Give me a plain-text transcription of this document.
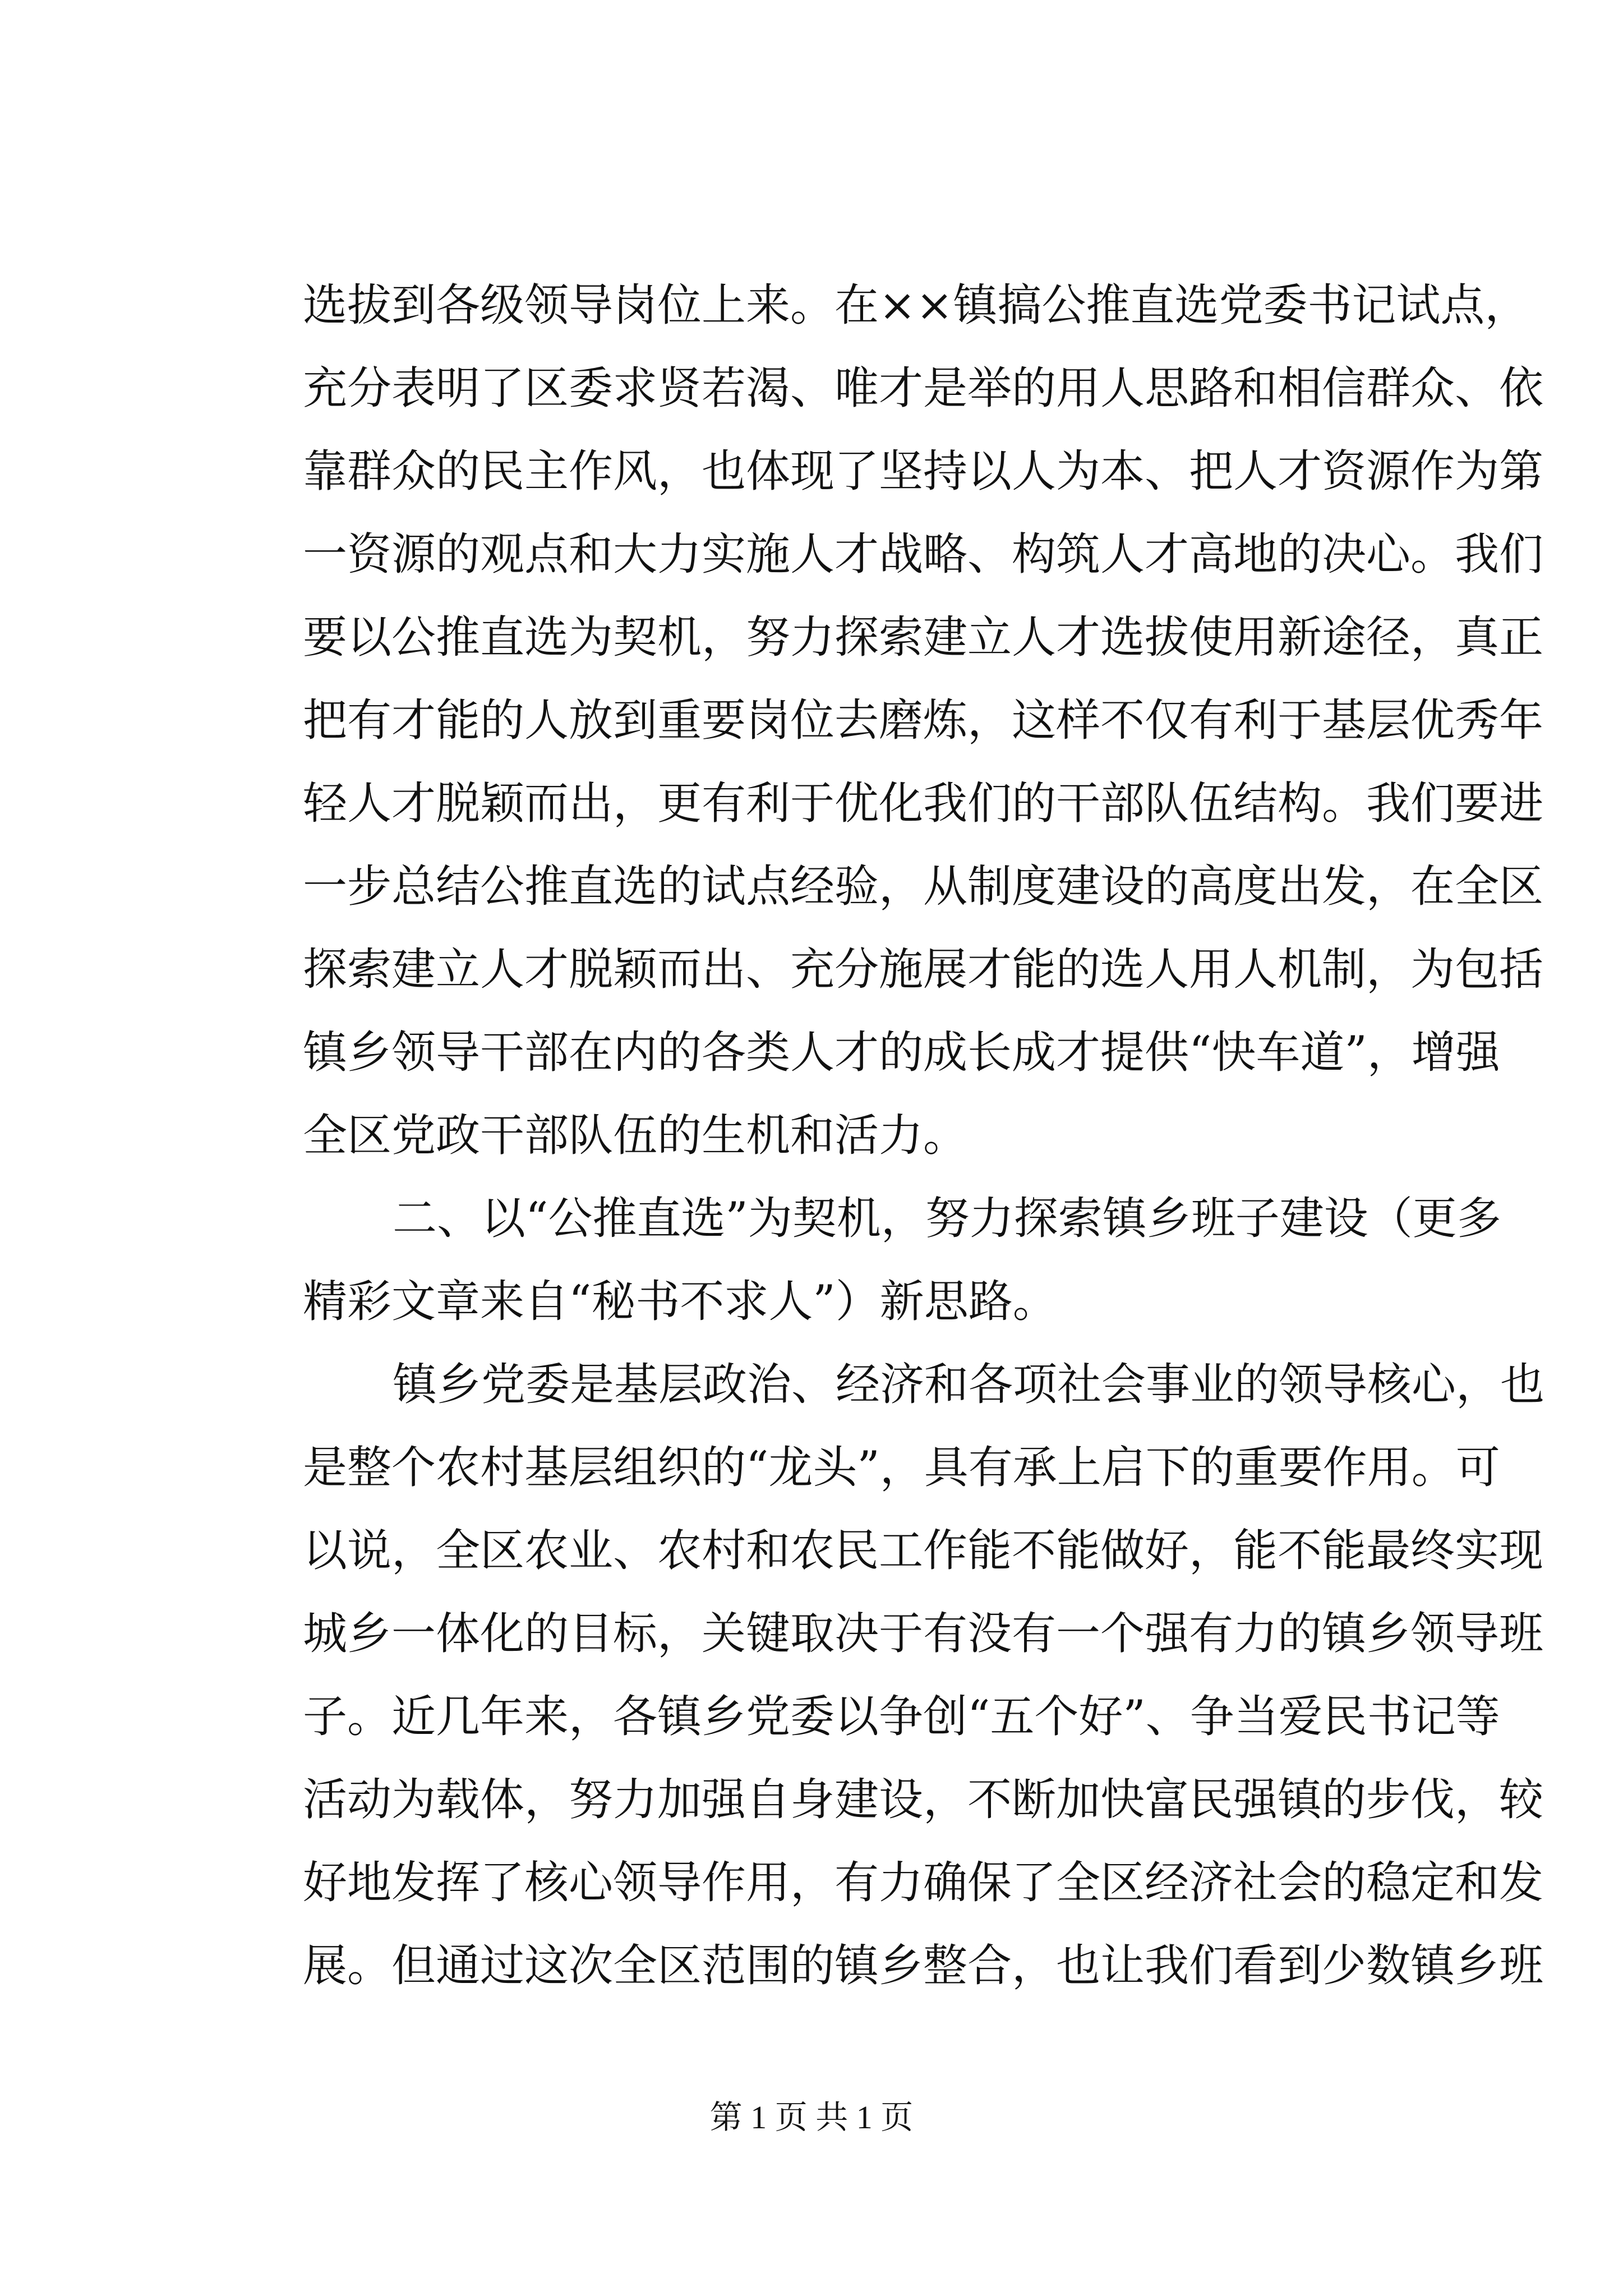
选拔到各级领导岗位上来。在××镇搞公推直选党委书记试点，
充分表明了区委求贤若渴、唯才是举的用人思路和相信群众、依
靠群众的民主作风，也体现了坚持以人为本、把人才资源作为第
一资源的观点和大力实施人才战略、构筑人才高地的决心。我们
要以公推直选为契机，努力探索建立人才选拔使用新途径，真正
把有才能的人放到重要岗位去磨炼，这样不仅有利于基层优秀年
轻人才脱颖而出，更有利于优化我们的干部队伍结构。我们要进
一步总结公推直选的试点经验，从制度建设的高度出发，在全区
探索建立人才脱颖而出、充分施展才能的选人用人机制，为包括
镇乡领导干部在内的各类人才的成长成才提供“快车道”，增强
全区党政干部队伍的生机和活力。
二、以“公推直选”为契机，努力探索镇乡班子建设（更多
精彩文章来自“秘书不求人”）新思路。
镇乡党委是基层政治、经济和各项社会事业的领导核心，也
是整个农村基层组织的“龙头”，具有承上启下的重要作用。可
以说，全区农业、农村和农民工作能不能做好，能不能最终实现
城乡一体化的目标，关键取决于有没有一个强有力的镇乡领导班
子。近几年来，各镇乡党委以争创“五个好”、争当爱民书记等
活动为载体，努力加强自身建设，不断加快富民强镇的步伐，较
好地发挥了核心领导作用，有力确保了全区经济社会的稳定和发
展。但通过这次全区范围的镇乡整合，也让我们看到少数镇乡班
第 1 页 共 1 页
